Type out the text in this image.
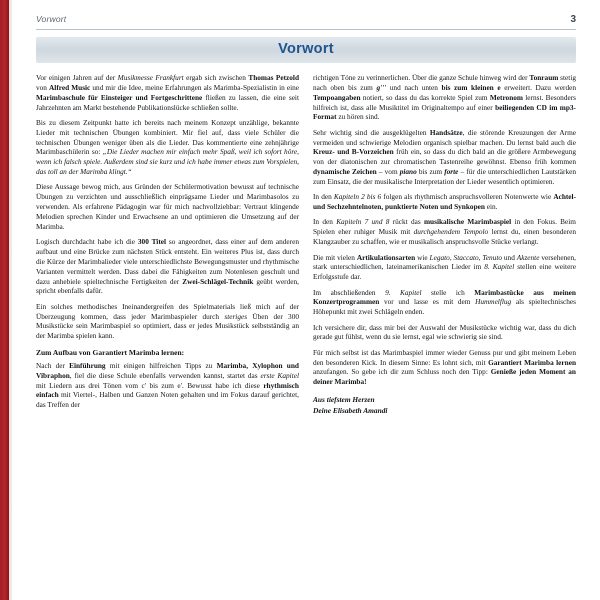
Vorwort	3
Vorwort

Vor einigen Jahren auf der Musikmesse Frankfurt ergab sich zwischen Thomas Petzold von Alfred Music und mir die Idee, meine Erfahrungen als Marimba-Spezialistin in eine Marimbaschule für Einsteiger und Fortgeschrittene fließen zu lassen, die eine seit Jahrzehnten am Markt bestehende Publikationslücke schließen sollte.

Bis zu diesem Zeitpunkt hatte ich bereits nach meinem Konzept unzählige, bekannte Lieder mit technischen Übungen kombiniert. Mir fiel auf, dass viele Schüler die technischen Übungen weniger üben als die Lieder. Das kommentierte eine zehnjährige Marimbaschülerin so: „Die Lieder machen mir einfach mehr Spaß, weil ich sofort höre, wenn ich falsch spiele. Außerdem sind sie kurz und ich habe immer etwas zum Vorspielen, das toll an der Marimba klingt.“

Diese Aussage bewog mich, aus Gründen der Schülermotivation bewusst auf technische Übungen zu verzichten und ausschließlich einprägsame Lieder und Marimbasolos zu verwenden. Als erfahrene Pädagogin war für mich nachvollziehbar: Vertraut klingende Melodien sprechen Kinder und Erwachsene an und optimieren die Umsetzung auf der Marimba.

Logisch durchdacht habe ich die 300 Titel so angeordnet, dass einer auf dem anderen aufbaut und eine Brücke zum nächsten Stück entsteht. Ein weiteres Plus ist, dass durch die Kürze der Marimbalieder viele unterschiedlichste Bewegungsmuster und rhythmische Varianten vermittelt werden. Dass dabei die Fähigkeiten zum Notenlesen geschult und dazu anhebiele spieltechnische Fertigkeiten der Zwei-Schlägel-Technik geübt werden, spricht ebenfalls dafür.

Ein solches methodisches Ineinandergreifen des Spielmaterials ließ mich auf der Überzeugung kommen, dass jeder Marimbaspieler durch steriges Üben der 300 Musikstücke sein Marimbaspiel so optimiert, dass er jedes Musikstück selbstständig an der Marimba spielen kann.

Zum Aufbau von Garantiert Marimba lernen:

Nach der Einführung mit einigen hilfreichen Tipps zu Marimba, Xylophon und Vibraphon, fiel die diese Schule ebenfalls verwenden kannst, startet das erste Kapitel mit Liedern aus drei Tönen vom c' bis zum e'. Bewusst habe ich diese rhythmisch einfach mit Viertel-, Halben und Ganzen Noten gehalten und im Fokus darauf gerichtet, das Treffen der

richtigen Tóne zu verinnerlichen. Über die ganze Schule hinweg wird der Tonraum stetig nach oben bis zum g''' und nach unten bis zum kleinen e erweitert. Dazu werden Tempoangaben notiert, so dass du das korrekte Spiel zum Metronom lernst. Besonders hilfreich ist, dass alle Musiktitel im Originaltempo auf einer beiliegenden CD im mp3-Format zu hören sind.

Sehr wichtig sind die ausgeklügelten Handsätze, die störende Kreuzungen der Arme vermeiden und schwierige Melodien organisch spielbar machen. Du lernst bald auch die Kreuz- und B-Vorzeichen früh ein, so dass du dich bald an die größere Armbewegung von der diatonischen zur chromatischen Tastenreihe gewöhnst. Ebenso früh kommen dynamische Zeichen – vom piano bis zum forte – für die unterschiedlichen Lautstärken zum Einsatz, die der musikalische Interpretation der Lieder wesentlich optimieren.

In den Kapiteln 2 bis 6 folgen als rhythmisch anspruchsvolleren Notenwerte wie Achtel- und Sechzehntelnoten, punktierte Noten und Synkopen ein.

In den Kapiteln 7 und 8 rückt das musikalische Marimbaspiel in den Fokus. Beim Spielen eher ruhiger Musik mit durchgehendem Tempolo lernst du, einen besonderen Klangzauber zu schaffen, wie er musikalisch anspruchsvolle Stücke verlangt.

Die mit vielen Artikulationsarten wie Legato, Staccato, Tenuto und Akzente versehenen, stark unterschiedlichen, lateinamerikanischen Lieder im 8. Kapitel stellen eine weitere Erfolgsstufe dar.

Im abschließenden 9. Kapitel stelle ich Marimbastücke aus meinen Konzertprogrammen vor und lasse es mit dem Hummelflug als spieltechnisches Höhepunkt mit zwei Schlägeln enden.

Ich versichere dir, dass mir bei der Auswahl der Musikstücke wichtig war, dass du dich gerade gut fühlst, wenn du sie lernst, egal wie schwierig sie sind.

Für mich selbst ist das Marimbaspiel immer wieder Genuss pur und gibt meinem Leben den besonderen Kick. In diesem Sinne: Es lohnt sich, mit Garantiert Marimba lernen anzufangen. So gebe ich dir zum Schluss noch den Tipp: Genieße jeden Moment an deiner Marimba!

Aus tiefstem Herzen
Deine Elisabeth Amandi
